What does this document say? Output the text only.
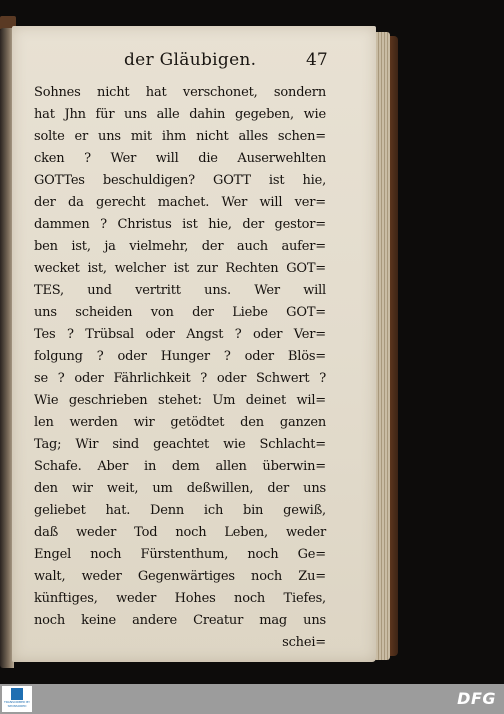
der Gläubigen.	47
Sohnes nicht hat verschonet, sondern
hat Jhn für uns alle dahin gegeben, wie
solte er uns mit ihm nicht alles schen=
cken ? Wer will die Auserwehlten
GOTTes beschuldigen? GOTT ist hie,
der da gerecht machet. Wer will ver=
dammen ? Christus ist hie, der gestor=
ben ist, ja vielmehr, der auch aufer=
wecket ist, welcher ist zur Rechten GOT=
TES, und vertritt uns. Wer will
uns scheiden von der Liebe GOT=
Tes ? Trübsal oder Angst ? oder Ver=
folgung ? oder Hunger ? oder Blös=
se ? oder Fährlichkeit ? oder Schwert ?
Wie geschrieben stehet: Um deinet wil=
len werden wir getödtet den ganzen
Tag; Wir sind geachtet wie Schlacht=
Schafe. Aber in dem allen überwin=
den wir weit, um deßwillen, der uns
geliebet hat. Denn ich bin gewiß,
daß weder Tod noch Leben, weder
Engel noch Fürstenthum, noch Ge=
walt, weder Gegenwärtiges noch Zu=
künftiges, weder Hohes noch Tiefes,
noch keine andere Creatur mag uns
schei=
TRANSCRIBED BY SPONSORED	DFG
